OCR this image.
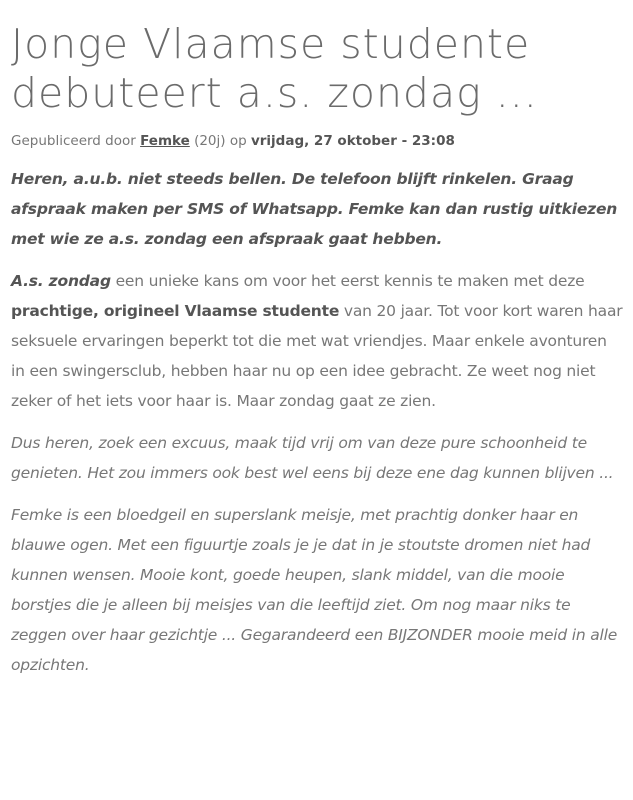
Jonge Vlaamse studente debuteert a.s. zondag ...
Gepubliceerd door Femke (20j) op vrijdag, 27 oktober - 23:08
Heren, a.u.b. niet steeds bellen. De telefoon blijft rinkelen. Graag afspraak maken per SMS of Whatsapp. Femke kan dan rustig uitkiezen met wie ze a.s. zondag een afspraak gaat hebben.
A.s. zondag een unieke kans om voor het eerst kennis te maken met deze prachtige, origineel Vlaamse studente van 20 jaar. Tot voor kort waren haar seksuele ervaringen beperkt tot die met wat vriendjes. Maar enkele avonturen in een swingersclub, hebben haar nu op een idee gebracht. Ze weet nog niet zeker of het iets voor haar is. Maar zondag gaat ze zien.
Dus heren, zoek een excuus, maak tijd vrij om van deze pure schoonheid te genieten. Het zou immers ook best wel eens bij deze ene dag kunnen blijven ...
Femke is een bloedgeil en superslank meisje, met prachtig donker haar en blauwe ogen. Met een figuurtje zoals je je dat in je stoutste dromen niet had kunnen wensen. Mooie kont, goede heupen, slank middel, van die mooie borstjes die je alleen bij meisjes van die leeftijd ziet. Om nog maar niks te zeggen over haar gezichtje ... Gegarandeerd een BIJZONDER mooie meid in alle opzichten.
